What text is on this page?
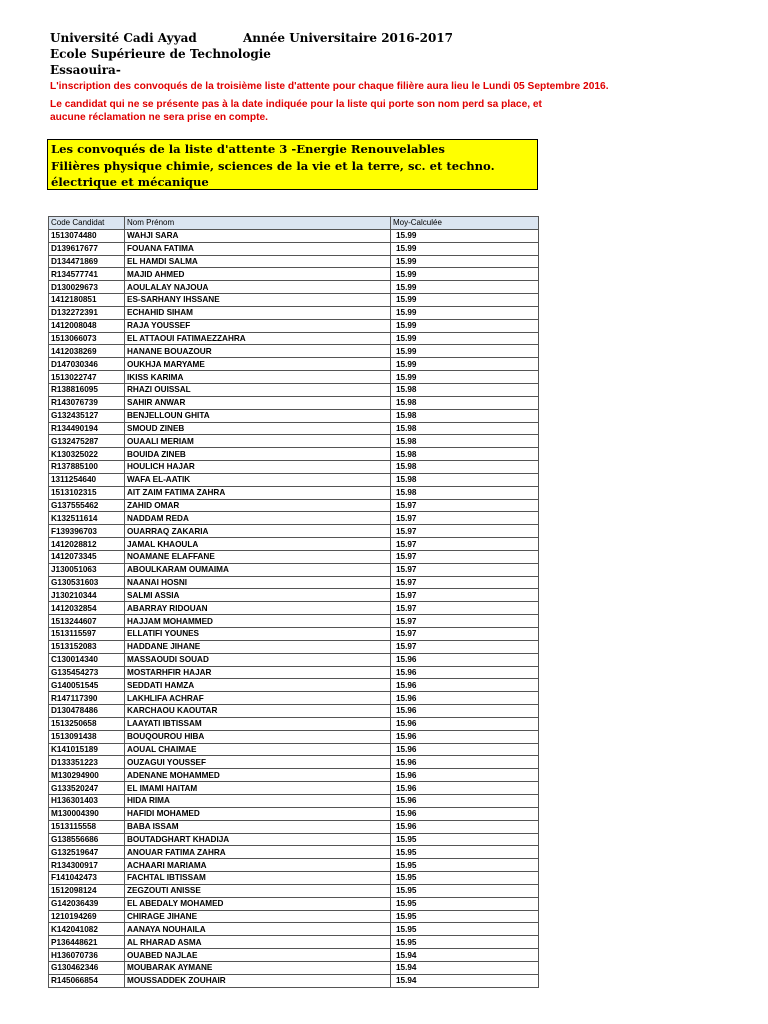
Université Cadi Ayyad	Année Universitaire 2016-2017
Ecole Supérieure de Technologie
Essaouira-
L'inscription des convoqués de la troisième liste d'attente pour chaque filière aura lieu le Lundi 05 Septembre 2016.
Le candidat qui ne se présente pas à la date indiquée pour la liste qui porte son nom perd sa place, et aucune réclamation ne sera prise en compte.
Les convoqués de la liste d'attente 3 -Energie Renouvelables
Filières physique chimie, sciences de la vie et la terre, sc. et techno.
électrique et mécanique
Code Candidat	Nom Prénom	Moy-Calculée
1513074480	WAHJI SARA	15.99
D139617677	FOUANA FATIMA	15.99
D134471869	EL HAMDI SALMA	15.99
R134577741	MAJID AHMED	15.99
D130029673	AOULALAY NAJOUA	15.99
1412180851	ES-SARHANY IHSSANE	15.99
D132272391	ECHAHID SIHAM	15.99
1412008048	RAJA YOUSSEF	15.99
1513066073	EL ATTAOUI FATIMAEZZAHRA	15.99
1412038269	HANANE BOUAZOUR	15.99
D147030346	OUKHJA MARYAME	15.99
1513022747	IKISS KARIMA	15.99
R138816095	RHAZI OUISSAL	15.98
R143076739	SAHIR ANWAR	15.98
G132435127	BENJELLOUN GHITA	15.98
R134490194	SMOUD ZINEB	15.98
G132475287	OUAALI MERIAM	15.98
K130325022	BOUIDA ZINEB	15.98
R137885100	HOULICH HAJAR	15.98
1311254640	WAFA EL-AATIK	15.98
1513102315	AIT ZAIM FATIMA ZAHRA	15.98
G137555462	ZAHID OMAR	15.97
K132511614	NADDAM REDA	15.97
F139396703	OUARRAQ ZAKARIA	15.97
1412028812	JAMAL KHAOULA	15.97
1412073345	NOAMANE ELAFFANE	15.97
J130051063	ABOULKARAM OUMAIMA	15.97
G130531603	NAANAI HOSNI	15.97
J130210344	SALMI ASSIA	15.97
1412032854	ABARRAY RIDOUAN	15.97
1513244607	HAJJAM MOHAMMED	15.97
1513115597	ELLATIFI YOUNES	15.97
1513152083	HADDANE JIHANE	15.97
C130014340	MASSAOUDI SOUAD	15.96
G135454273	MOSTARHFIR HAJAR	15.96
G140051545	SEDDATI HAMZA	15.96
R147117390	LAKHLIFA ACHRAF	15.96
D130478486	KARCHAOU KAOUTAR	15.96
1513250658	LAAYATI IBTISSAM	15.96
1513091438	BOUQOUROU HIBA	15.96
K141015189	AOUAL CHAIMAE	15.96
D133351223	OUZAGUI YOUSSEF	15.96
M130294900	ADENANE MOHAMMED	15.96
G133520247	EL IMAMI HAITAM	15.96
H136301403	HIDA RIMA	15.96
M130004390	HAFIDI MOHAMED	15.96
1513115558	BABA ISSAM	15.96
G138556686	BOUTADGHART KHADIJA	15.95
G132519647	ANOUAR FATIMA ZAHRA	15.95
R134300917	ACHAARI MARIAMA	15.95
F141042473	FACHTAL IBTISSAM	15.95
1512098124	ZEGZOUTI ANISSE	15.95
G142036439	EL ABEDALY MOHAMED	15.95
1210194269	CHIRAGE JIHANE	15.95
K142041082	AANAYA NOUHAILA	15.95
P136448621	AL RHARAD ASMA	15.95
H136070736	OUABED NAJLAE	15.94
G130462346	MOUBARAK AYMANE	15.94
R145066854	MOUSSADDEK ZOUHAIR	15.94
